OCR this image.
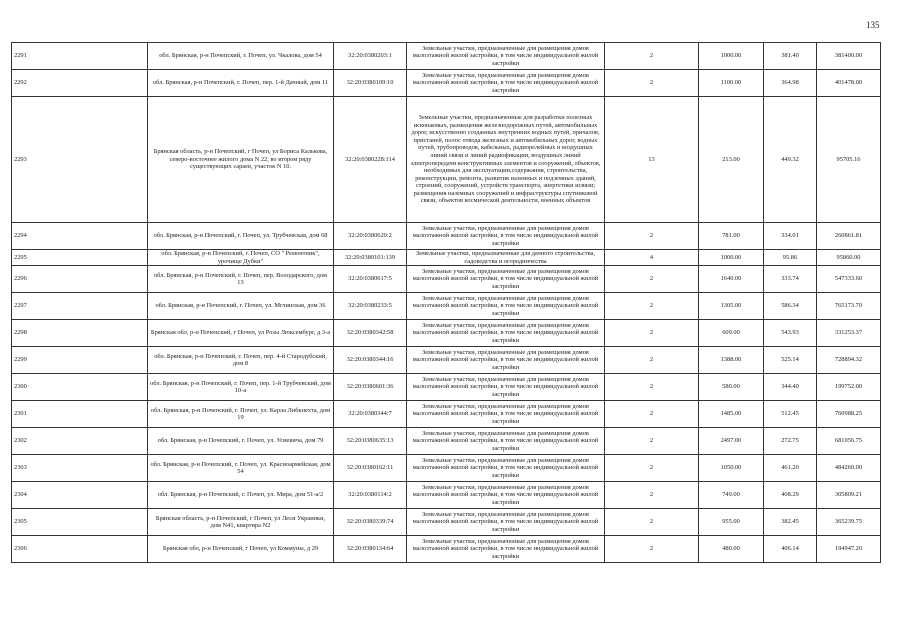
135
2291	обл. Брянская, р-н Почепский, г. Почеп, ул. Чкалова, дом 54	32:20:0380203:1	Земельные участки, предназначенные для размещения домов малоэтажной жилой застройки, в том числе индивидуальной жилой застройки	2	1000.00	381.40	381400.00
2292	обл. Брянская, р-н Почепский, г. Почеп, пер. 1-й Дачный, дом 11	32:20:0380109:10	Земельные участки, предназначенные для размещения домов малоэтажной жилой застройки, в том числе индивидуальной жилой застройки	2	1100.00	364.98	401478.00
2293	Брянская область, р-н Почепский, г Почеп, ул Бориса Калькова, северо-восточнее жилого дома N 22, во втором ряду существующих сараев, участок N 10.	32:20:0380228:114	Земельные участки, предназначенные для разработки полезных ископаемых, размещения железнодорожных путей, автомобильных дорог, искусственно созданных внутренних водных путей, причалов, пристаней, полос отвода железных и автомобильных дорог, водных путей, трубопроводов, кабельных, радиорелейных и воздушных линий связи и линий радиофикации, воздушных линий электропередачи конструктивных элементов и сооружений, объектов, необходимых для эксплуатации,содержания, строительства, реконструкции, ремонта, развития наземных и подземных зданий, строений, сооружений, устройств транспорта, энергетики исвязи; размещения наземных сооружений и инфраструктуры спутниковой связи, объектов космической деятельности, военных объектов	13	213.00	449.32	95705.16
2294	обл. Брянская, р-н Почепский, г. Почеп, ул. Трубчевская, дом 68	32:20:0380620:2	Земельные участки, предназначенные для размещения домов малоэтажной жилой застройки, в том числе индивидуальной жилой застройки	2	781.00	334.01	260861.81
2295	обл. Брянская, р-н Почепский, г. Почеп, СО " Ремонтник", урочище Дубки"	32:20:0380101:139	Земельные участки, предназначенные для дачного строительства, садоводства и огородничества	4	1000.00	95.86	95860.00
2296	обл. Брянская, р-н Почепский, г. Почеп, пер. Володарского, дом 13	32:20:0380617:5	Земельные участки, предназначенные для размещения домов малоэтажной жилой застройки, в том числе индивидуальной жилой застройки	2	1640.00	333.74	547333.60
2297	обл. Брянская, р-н Почепский, г. Почеп, ул. Мглинская, дом 36	32:20:0380233:5	Земельные участки, предназначенные для размещения домов малоэтажной жилой застройки, в том числе индивидуальной жилой застройки	2	1305.00	586.34	765173.70
2298	Брянская обл, р-н Почепский, г Почеп, ул Розы Люксембург, д 3-а	32:20:0380342:58	Земельные участки, предназначенные для размещения домов малоэтажной жилой застройки, в том числе индивидуальной жилой застройки	2	609.00	543.93	331253.37
2299	обл. Брянская, р-н Почепский, г. Почеп, пер. 4-й Стародубский, дом 8	32:20:0380344:16	Земельные участки, предназначенные для размещения домов малоэтажной жилой застройки, в том числе индивидуальной жилой застройки	2	1388.00	525.14	728894.32
2300	обл. Брянская, р-н Почепский, г. Почеп, пер. 1-й Трубчевский, дом 10-а	32:20:0380601:36	Земельные участки, предназначенные для размещения домов малоэтажной жилой застройки, в том числе индивидуальной жилой застройки	2	580.00	344.40	199752.00
2301	обл. Брянская, р-н Почепский, г. Почеп, ул. Карла Либкнехта, дом 19	32:20:0380344:7	Земельные участки, предназначенные для размещения домов малоэтажной жилой застройки, в том числе индивидуальной жилой застройки	2	1485.00	512.45	760988.25
2302	обл. Брянская, р-н Почепский, г. Почеп, ул. Усиевича, дом 79	32:20:0380635:13	Земельные участки, предназначенные для размещения домов малоэтажной жилой застройки, в том числе индивидуальной жилой застройки	2	2497.00	272.75	681056.75
2303	обл. Брянская, р-н Почепский, г. Почеп, ул. Красноармейская, дом 54	32:20:0380162:11	Земельные участки, предназначенные для размещения домов малоэтажной жилой застройки, в том числе индивидуальной жилой застройки	2	1050.00	461.20	484260.00
2304	обл. Брянская, р-н Почепский, г. Почеп, ул. Мира, дом 51-а/2	32:20:0380114:2	Земельные участки, предназначенные для размещения домов малоэтажной жилой застройки, в том числе индивидуальной жилой застройки	2	749.00	408.29	305809.21
2305	Брянская область, р-н Почепский, г Почеп, ул Леси Украинки, дом N41, квартира N2	32:20:0380339:74	Земельные участки, предназначенные для размещения домов малоэтажной жилой застройки, в том числе индивидуальной жилой застройки	2	955.00	382.45	365239.75
2306	Брянская обл, р-н Почепский, г Почеп, ул Коммуны, д 29	32:20:0380134:64	Земельные участки, предназначенные для размещения домов малоэтажной жилой застройки, в том числе индивидуальной жилой застройки	2	480.00	406.14	194947.20
